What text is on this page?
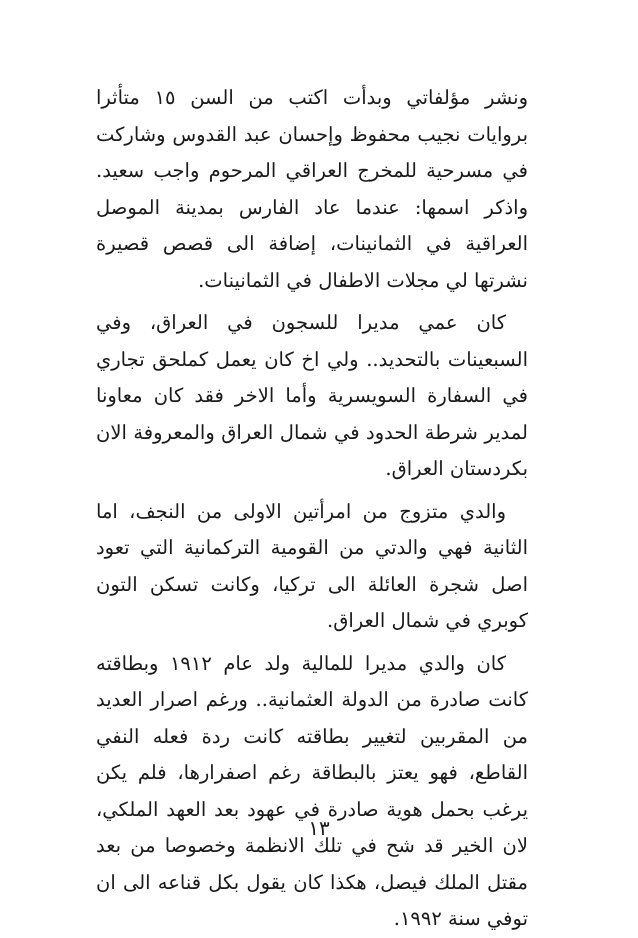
ونشر مؤلفاتي وبدأت اكتب من السن ١٥ متأثرا بروايات نجيب محفوظ وإحسان عبد القدوس وشاركت في مسرحية للمخرج العراقي المرحوم واجب سعيد. واذكر اسمها: عندما عاد الفارس بمدينة الموصل العراقية في الثمانينات، إضافة الى قصص قصيرة نشرتها لي مجلات الاطفال في الثمانينات.

كان عمي مديرا للسجون في العراق، وفي السبعينات بالتحديد.. ولي اخ كان يعمل كملحق تجاري في السفارة السويسرية وأما الاخر فقد كان معاونا لمدير شرطة الحدود في شمال العراق والمعروفة الان بكردستان العراق.

والدي متزوج من امرأتين الاولى من النجف، اما الثانية فهي والدتي من القومية التركمانية التي تعود اصل شجرة العائلة الى تركيا، وكانت تسكن التون كوبري في شمال العراق.

كان والدي مديرا للمالية ولد عام ١٩١٢ وبطاقته كانت صادرة من الدولة العثمانية.. ورغم اصرار العديد من المقربين لتغيير بطاقته كانت ردة فعله النفي القاطع، فهو يعتز بالبطاقة رغم اصفرارها، فلم يكن يرغب بحمل هوية صادرة في عهود بعد العهد الملكي، لان الخير قد شح في تلك الانظمة وخصوصا من بعد مقتل الملك فيصل، هكذا كان يقول بكل قناعه الى ان توفي سنة ١٩٩٢.

١٣
